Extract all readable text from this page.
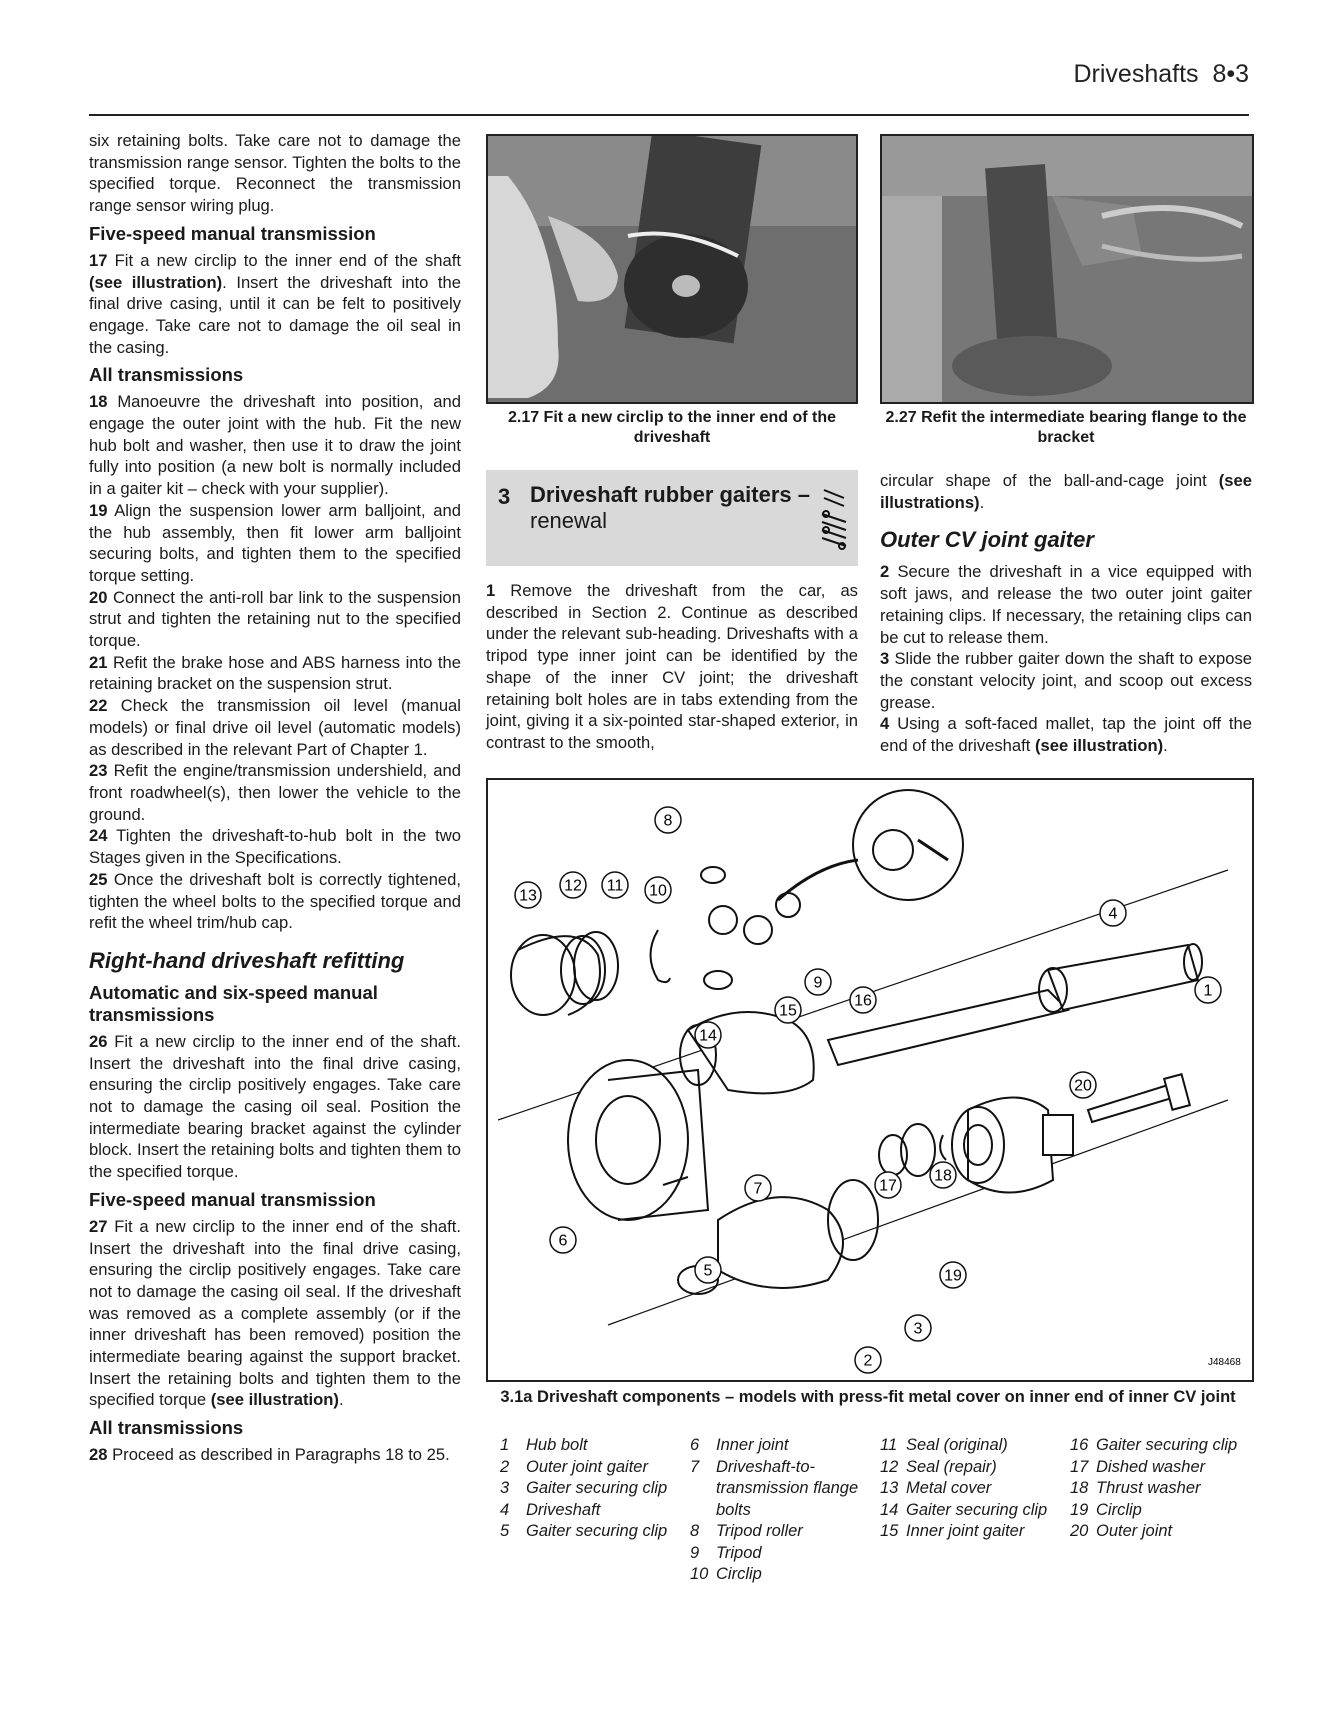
Driveshafts 8•3

six retaining bolts. Take care not to damage the transmission range sensor. Tighten the bolts to the specified torque. Reconnect the transmission range sensor wiring plug.

Five-speed manual transmission

17 Fit a new circlip to the inner end of the shaft (see illustration). Insert the driveshaft into the final drive casing, until it can be felt to positively engage. Take care not to damage the oil seal in the casing.

All transmissions

18 Manoeuvre the driveshaft into position, and engage the outer joint with the hub. Fit the new hub bolt and washer, then use it to draw the joint fully into position (a new bolt is normally included in a gaiter kit – check with your supplier).

19 Align the suspension lower arm balljoint, and the hub assembly, then fit lower arm balljoint securing bolts, and tighten them to the specified torque setting.

20 Connect the anti-roll bar link to the suspension strut and tighten the retaining nut to the specified torque.

21 Refit the brake hose and ABS harness into the retaining bracket on the suspension strut.

22 Check the transmission oil level (manual models) or final drive oil level (automatic models) as described in the relevant Part of Chapter 1.

23 Refit the engine/transmission undershield, and front roadwheel(s), then lower the vehicle to the ground.

24 Tighten the driveshaft-to-hub bolt in the two Stages given in the Specifications.

25 Once the driveshaft bolt is correctly tightened, tighten the wheel bolts to the specified torque and refit the wheel trim/hub cap.

Right-hand driveshaft refitting
Automatic and six-speed manual transmissions

26 Fit a new circlip to the inner end of the shaft. Insert the driveshaft into the final drive casing, ensuring the circlip positively engages. Take care not to damage the casing oil seal. Position the intermediate bearing bracket against the cylinder block. Insert the retaining bolts and tighten them to the specified torque.

Five-speed manual transmission

27 Fit a new circlip to the inner end of the shaft. Insert the driveshaft into the final drive casing, ensuring the circlip positively engages. Take care not to damage the casing oil seal. If the driveshaft was removed as a complete assembly (or if the inner driveshaft has been removed) position the intermediate bearing against the support bracket. Insert the retaining bolts and tighten them to the specified torque (see illustration).

All transmissions

28 Proceed as described in Paragraphs 18 to 25.

2.17 Fit a new circlip to the inner end of the driveshaft
2.27 Refit the intermediate bearing flange to the bracket
3 Driveshaft rubber gaiters –
renewal

1 Remove the driveshaft from the car, as described in Section 2. Continue as described under the relevant sub-heading. Driveshafts with a tripod type inner joint can be identified by the shape of the inner CV joint; the driveshaft retaining bolt holes are in tabs extending from the joint, giving it a six-pointed star-shaped exterior, in contrast to the smooth,

circular shape of the ball-and-cage joint (see illustrations).

Outer CV joint gaiter

2 Secure the driveshaft in a vice equipped with soft jaws, and release the two outer joint gaiter retaining clips. If necessary, the retaining clips can be cut to release them.

3 Slide the rubber gaiter down the shaft to expose the constant velocity joint, and scoop out excess grease.

4 Using a soft-faced mallet, tap the joint off the end of the driveshaft (see illustration).

1
2
3
4
5
6
7
8
9
10
11
12
13
14
15
16
17
18
19
20
J48468
3.1a Driveshaft components – models with press-fit metal cover on inner end of inner CV joint
1	Hub bolt
2	Outer joint gaiter
3	Gaiter securing clip
4	Driveshaft
5	Gaiter securing clip
6	Inner joint
7	Driveshaft-to-transmission flange bolts
8	Tripod roller
9	Tripod
10 Circlip
11 Seal (original)
12 Seal (repair)
13 Metal cover
14 Gaiter securing clip
15 Inner joint gaiter
16 Gaiter securing clip
17 Dished washer
18 Thrust washer
19 Circlip
20 Outer joint
